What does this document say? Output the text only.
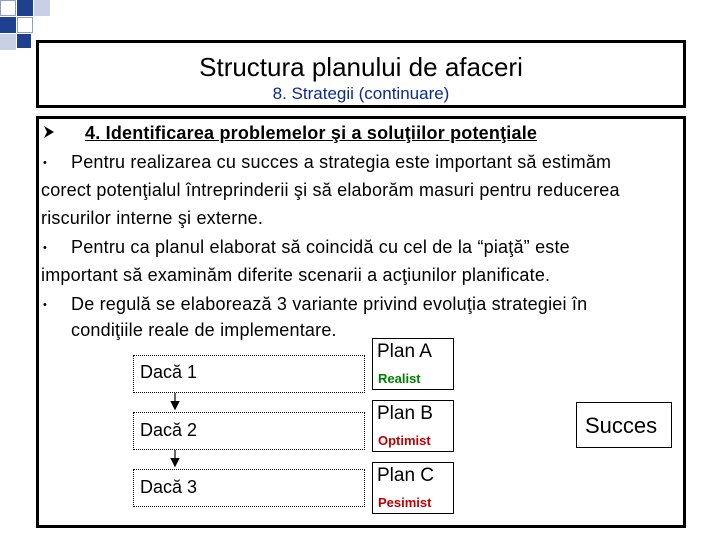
Structura planului de afaceri
8. Strategii (continuare)
4. Identificarea problemelor şi a soluţiilor potenţiale
• Pentru realizarea cu succes a strategia este important să estimăm
corect potenţialul întreprinderii şi să elaborăm masuri pentru reducerea
riscurilor interne şi externe.
• Pentru ca planul elaborat să coincidă cu cel de la “piaţă” este
important să examinăm diferite scenarii a acţiunilor planificate.
• De regulă se elaborează 3 variante privind evoluţia strategiei în
condiţiile reale de implementare.
Dacă 1
Dacă 2
Dacă 3
Plan A
Realist
Plan B
Optimist
Plan C
Pesimist
Succes
